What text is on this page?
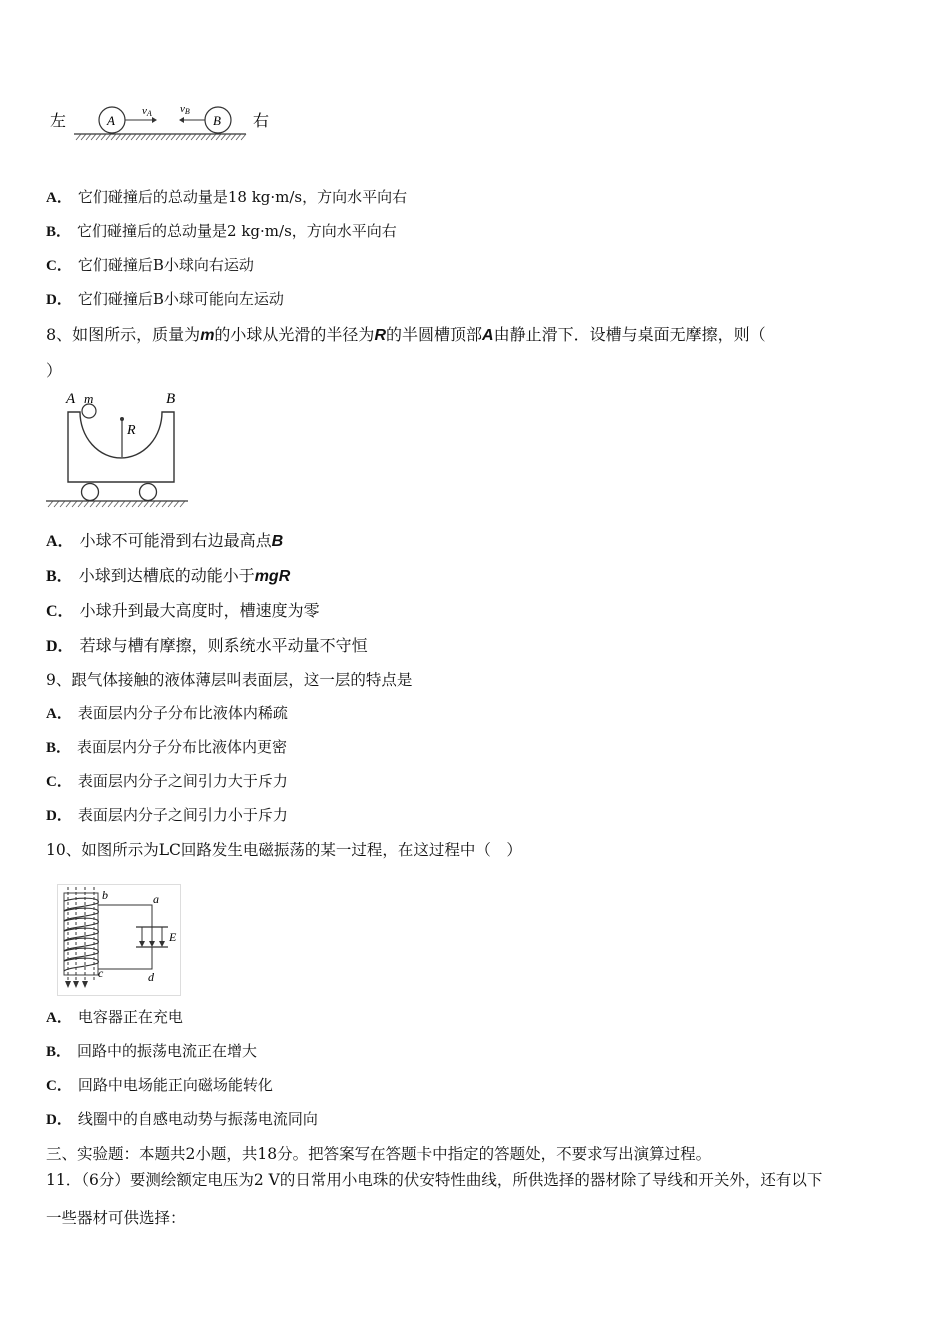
左	右
A	B
vA	vB
A． 它们碰撞后的总动量是18 kg·m/s，方向水平向右
B． 它们碰撞后的总动量是2 kg·m/s，方向水平向右
C． 它们碰撞后B小球向右运动
D． 它们碰撞后B小球可能向左运动
8、如图所示，质量为m的小球从光滑的半径为R的半圆槽顶部A由静止滑下．设槽与桌面无摩擦，则（
）
A m	B
R
A． 小球不可能滑到右边最高点B
B． 小球到达槽底的动能小于mgR
C． 小球升到最大高度时，槽速度为零
D． 若球与槽有摩擦，则系统水平动量不守恒
9、跟气体接触的液体薄层叫表面层，这一层的特点是
A． 表面层内分子分布比液体内稀疏
B． 表面层内分子分布比液体内更密
C． 表面层内分子之间引力大于斥力
D． 表面层内分子之间引力小于斥力
10、如图所示为LC回路发生电磁振荡的某一过程，在这过程中（　）
b
c
a
d
E
A． 电容器正在充电
B． 回路中的振荡电流正在增大
C． 回路中电场能正向磁场能转化
D． 线圈中的自感电动势与振荡电流同向
三、实验题：本题共2小题，共18分。把答案写在答题卡中指定的答题处，不要求写出演算过程。
11．（6分）要测绘额定电压为2 V的日常用小电珠的伏安特性曲线，所供选择的器材除了导线和开关外，还有以下
一些器材可供选择：
